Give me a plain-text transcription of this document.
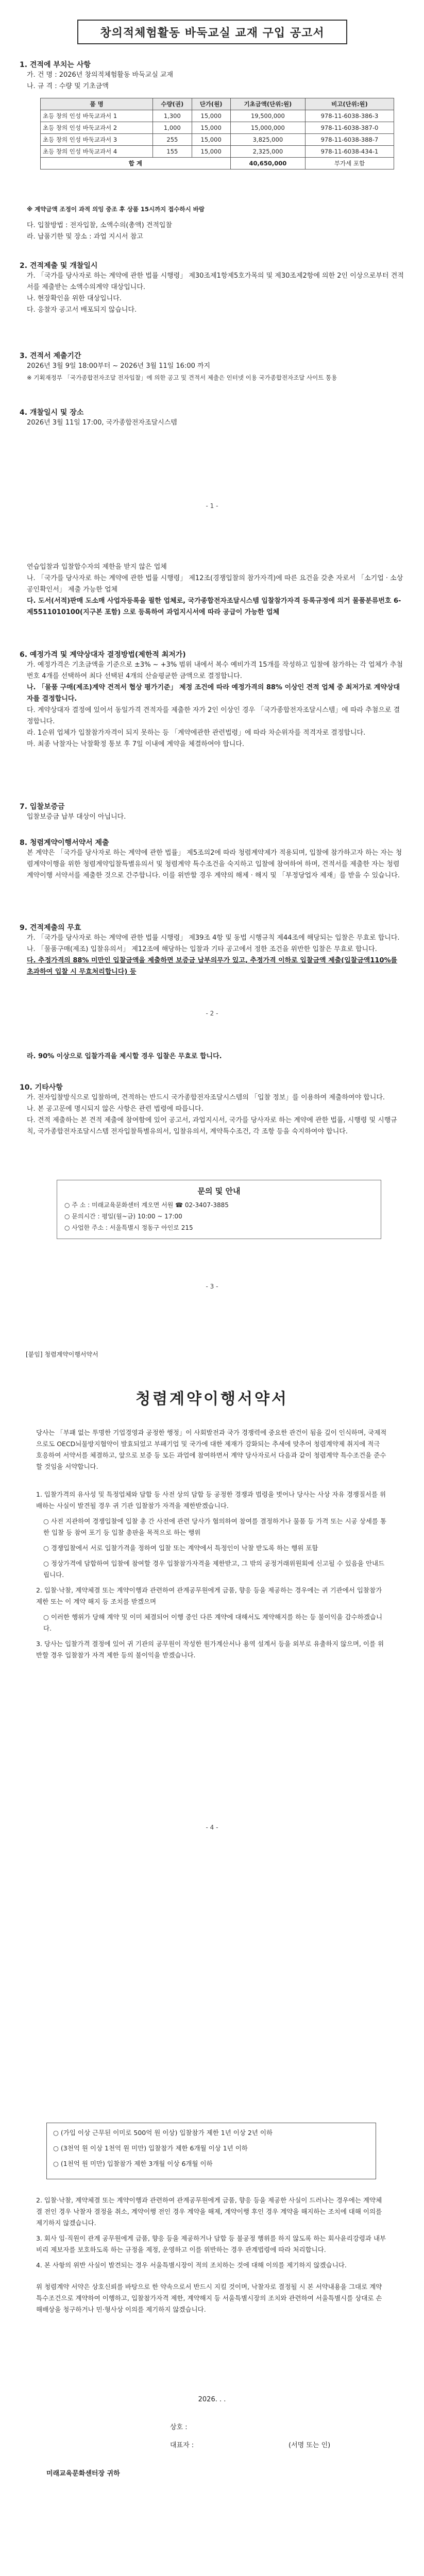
창의적체험활동 바둑교실 교재 구입 공고서

1. 견적에 부치는 사항

가. 건 명 : 2026년 창의적체험활동 바둑교실 교재

나. 규 격 : 수량 및 기초금액

품 명	수량(권)	단가(원)	기초금액(단위:원)	비고(단위:원)
초등 창의 인성 바둑교과서 1	1,300	15,000	19,500,000	978-11-6038-386-3
초등 창의 인성 바둑교과서 2	1,000	15,000	15,000,000	978-11-6038-387-0
초등 창의 인성 바둑교과서 3	255	15,000	3,825,000	978-11-6038-388-7
초등 창의 인성 바둑교과서 4	155	15,000	2,325,000	978-11-6038-434-1
합 계			40,650,000	부가세 포함

※ 계약금액 조정이 과적 의잉 중조 후 상품 15시까지 접수하시 바람

다. 입찰방법 : 전자입찰, 소액수의(총액) 견적입찰

라. 납품기한 및 장소 : 과업 지시서 참고

2. 견적제출 및 개찰일시

가. 「국가를 당사자로 하는 계약에 관한 법률 시행령」 제30조제1항제5호가목의 및 제30조제2항에 의한 2인 이상으로부터 견적서를 제출받는 소액수의계약 대상입니다.

나. 현장확인을 위한 대상입니다.

다. 응찰자 공고서 배포되지 않습니다.

3. 견적서 제출기간

2026년 3월 9일 18:00부터 ~ 2026년 3월 11일 16:00 까지

※ 기획재정부 「국가종합전자조달 전자입찰」에 의한 공고 및 견적서 제출은 인터넷 이용 국가종합전자조달 사이트 통용

4. 개찰일시 및 장소

2026년 3월 11일 17:00, 국가종합전자조달시스템

- 1 -

연습입찰과 입찰합수자의 제한을 받지 않은 업체

나. 「국가를 당사자로 하는 계약에 관한 법률 시행령」 제12조(경쟁입찰의 참가자격)에 따른 요건을 갖춘 자로서 「소기업 · 소상공인확인서」 제출 가능한 업체

다. 도서(서적)판매 도소매 사업자등록을 필한 업체로, 국가종합전자조달시스템 입찰참가자격 등록규정에 의거 물품분류번호 6-제5511010100(지구본 포함) 으로 등록하여 과업지시서에 따라 공급이 가능한 업체

6. 예정가격 및 계약상대자 결정방법(제한적 최저가)

가. 예정가격은 기초금액을 기준으로 ±3% ~ +3% 범위 내에서 복수 예비가격 15개를 작성하고 입찰에 참가하는 각 업체가 추첨번호 4개를 선택하여 최다 선택된 4개의 산술평균한 금액으로 결정합니다.

나. 「물품 구매(제조)계약 견적서 협상 평가기준」 제정 조건에 따라 예정가격의 88% 이상인 견적 업체 중 최저가로 계약상대자를 결정합니다.

다. 계약상대자 결정에 있어서 동일가격 견적자를 제출한 자가 2인 이상인 경우 「국가종합전자조달시스템」에 따라 추첨으로 결정합니다.

라. 1순위 업체가 입찰참가자격이 되지 못하는 등 「계약에관한 관련법령」에 따라 차순위자를 적격자로 결정합니다.

마. 최종 낙찰자는 낙찰확정 통보 후 7일 이내에 계약을 체결하여야 합니다.

7. 입찰보증금

입찰보증금 납부 대상이 아닙니다.

8. 청렴계약이행서약서 제출

본 계약은 「국가를 당사자로 하는 계약에 관한 법률」 제5조의2에 따라 청렴계약제가 적용되며, 입찰에 참가하고자 하는 자는 청렴계약이행을 위한 청렴계약입찰특별유의서 및 청렴계약 특수조건을 숙지하고 입찰에 참여하여 하며, 견적서를 제출한 자는 청렴계약이행 서약서를 제출한 것으로 간주합니다. 이를 위반할 경우 계약의 해제 · 해지 및 「부정당업자 제재」를 받을 수 있습니다.

9. 견적제출의 무효

가. 「국가를 당사자로 하는 계약에 관한 법률 시행령」 제39조 4항 및 동법 시행규칙 제44조에 해당되는 입찰은 무효로 합니다.

나. 「물품구매(제조) 입찰유의서」 제12조에 해당하는 입찰과 기타 공고에서 정한 조건을 위반한 입찰은 무효로 합니다.

다. 추정가격의 88% 미만인 입찰금액을 제출하면 보증금 납부의무가 있고, 추정가격 이하로 입찰금액 제출(입찰금액110%를 초과하여 입찰 시 무효처리합니다) 등

- 2 -

라. 90% 이상으로 입찰가격을 제시할 경우 입찰은 무효로 합니다.

10. 기타사항

가. 전자입찰방식으로 입찰하며, 견적하는 반드시 국가종합전자조달시스템의 「입찰 정보」를 이용하여 제출하여야 합니다.

나. 본 공고문에 명시되지 않은 사항은 관련 법령에 따릅니다.

다. 견적 제출하는 본 견적 제출에 참여함에 있어 공고서, 과업지시서, 국가를 당사자로 하는 계약에 관한 법률, 시행령 및 시행규칙, 국가종합전자조달시스템 전자입찰특별유의서, 입찰유의서, 계약특수조건, 각 조항 등을 숙지하여야 합니다.

문의 및 안내

○ 주 소 : 미래교육문화센터 계오면 서원 ☎ 02-3407-3885

○ 문의시간 : 평일(월~금) 10:00 ~ 17:00

○ 사업한 주소 : 서울특별시 정동구 아인로 215

- 3 -
[붙임] 청렴계약이행서약서
청렴계약이행서약서

당사는 「부패 없는 투명한 기업경영과 공정한 행정」이 사회발전과 국가 경쟁력에 중요한 관건이 됨을 깊이 인식하며, 국제적으로도 OECD뇌물방지협약이 발효되었고 부패기업 및 국가에 대한 제재가 강화되는 추세에 맞추어 청렴계약제 취지에 적극 호응하여 서약서를 체결하고, 앞으로 보증 등 모든 과업에 참여하면서 계약 당사자로서 다음과 같이 청렴계약 특수조건을 준수할 것임을 서약합니다.

1. 입찰가격의 유사성 및 특정업체와 담합 등 사전 상의 담합 등 공정한 경쟁과 법령을 벗어나 당사는 사상 자유 경쟁질서를 위배하는 사실이 발견될 경우 귀 기관 입찰참가 자격을 제한받겠습니다.

○ 사전 지관하여 경쟁입찰에 입찰 총 간 사전에 관련 당사가 협의하여 참여를 결정하거나 물품 등 가격 또는 시공 상세를 통한 입찰 등 참여 포기 등 입찰 총판을 목적으로 하는 행위

○ 경쟁입찰에서 서로 입찰가격을 정하여 입찰 또는 계약에서 특정인이 낙찰 받도록 하는 행위 포함

○ 정상가격에 담합하여 입찰에 참여할 경우 입찰참가자격을 제한받고, 그 밖의 공정거래위원회에 신고될 수 있음을 안내드립니다.

2. 입찰·낙찰, 계약체결 또는 계약이행과 관련하여 관계공무원에게 금품, 향응 등을 제공하는 경우에는 귀 기관에서 입찰참가 제한 또는 이 계약 해지 등 조치를 받겠으며

○ 이러한 행위가 당해 계약 및 이미 체결되어 이행 중인 다른 계약에 대해서도 계약해지를 하는 등 불이익을 감수하겠습니다.

3. 당사는 입찰가격 결정에 있어 귀 기관의 공무원이 작성한 원가계산서나 용역 설계서 등을 외부로 유출하지 않으며, 이를 위반할 경우 입찰참가 자격 제한 등의 불이익을 받겠습니다.

- 4 -

○ (가입 이상 근무된 이미로 500억 원 이상) 입찰참가 제한 1년 이상 2년 이하

○ (3천억 원 이상 1천억 원 미만) 입찰참가 제한 6개월 이상 1년 이하

○ (1천억 원 미만) 입찰참가 제한 3개월 이상 6개월 이하

2. 입찰·낙찰, 계약체결 또는 계약이행과 관련하여 관계공무원에게 금품, 향응 등을 제공한 사실이 드러나는 경우에는 계약체결 전인 경우 낙찰자 결정을 취소, 계약이행 전인 경우 계약을 해제, 계약이행 후인 경우 계약을 해지하는 조치에 대해 이의를 제기하지 않겠습니다.

3. 회사 임·직원이 관계 공무원에게 금품, 향응 등을 제공하거나 담합 등 불공정 행위를 하지 않도록 하는 회사윤리강령과 내부비리 제보자를 보호하도록 하는 규정을 제정, 운영하고 이를 위반하는 경우 관계법령에 따라 처리합니다.

4. 본 사항의 위반 사실이 발견되는 경우 서울특별시장이 적의 조치하는 것에 대해 이의를 제기하지 않겠습니다.

위 청렴계약 서약은 상호신뢰를 바탕으로 한 약속으로서 반드시 지킬 것이며, 낙찰자로 결정될 시 본 서약내용을 그대로 계약특수조건으로 계약하여 이행하고, 입찰참가자격 제한, 계약해지 등 서울특별시장의 조치와 관련하여 서울특별시를 상대로 손해배상을 청구하거나 민·형사상 이의를 제기하지 않겠습니다.

2026. . .
상호 :
대표자 :	(서명 또는 인)
미래교육문화센터장 귀하
